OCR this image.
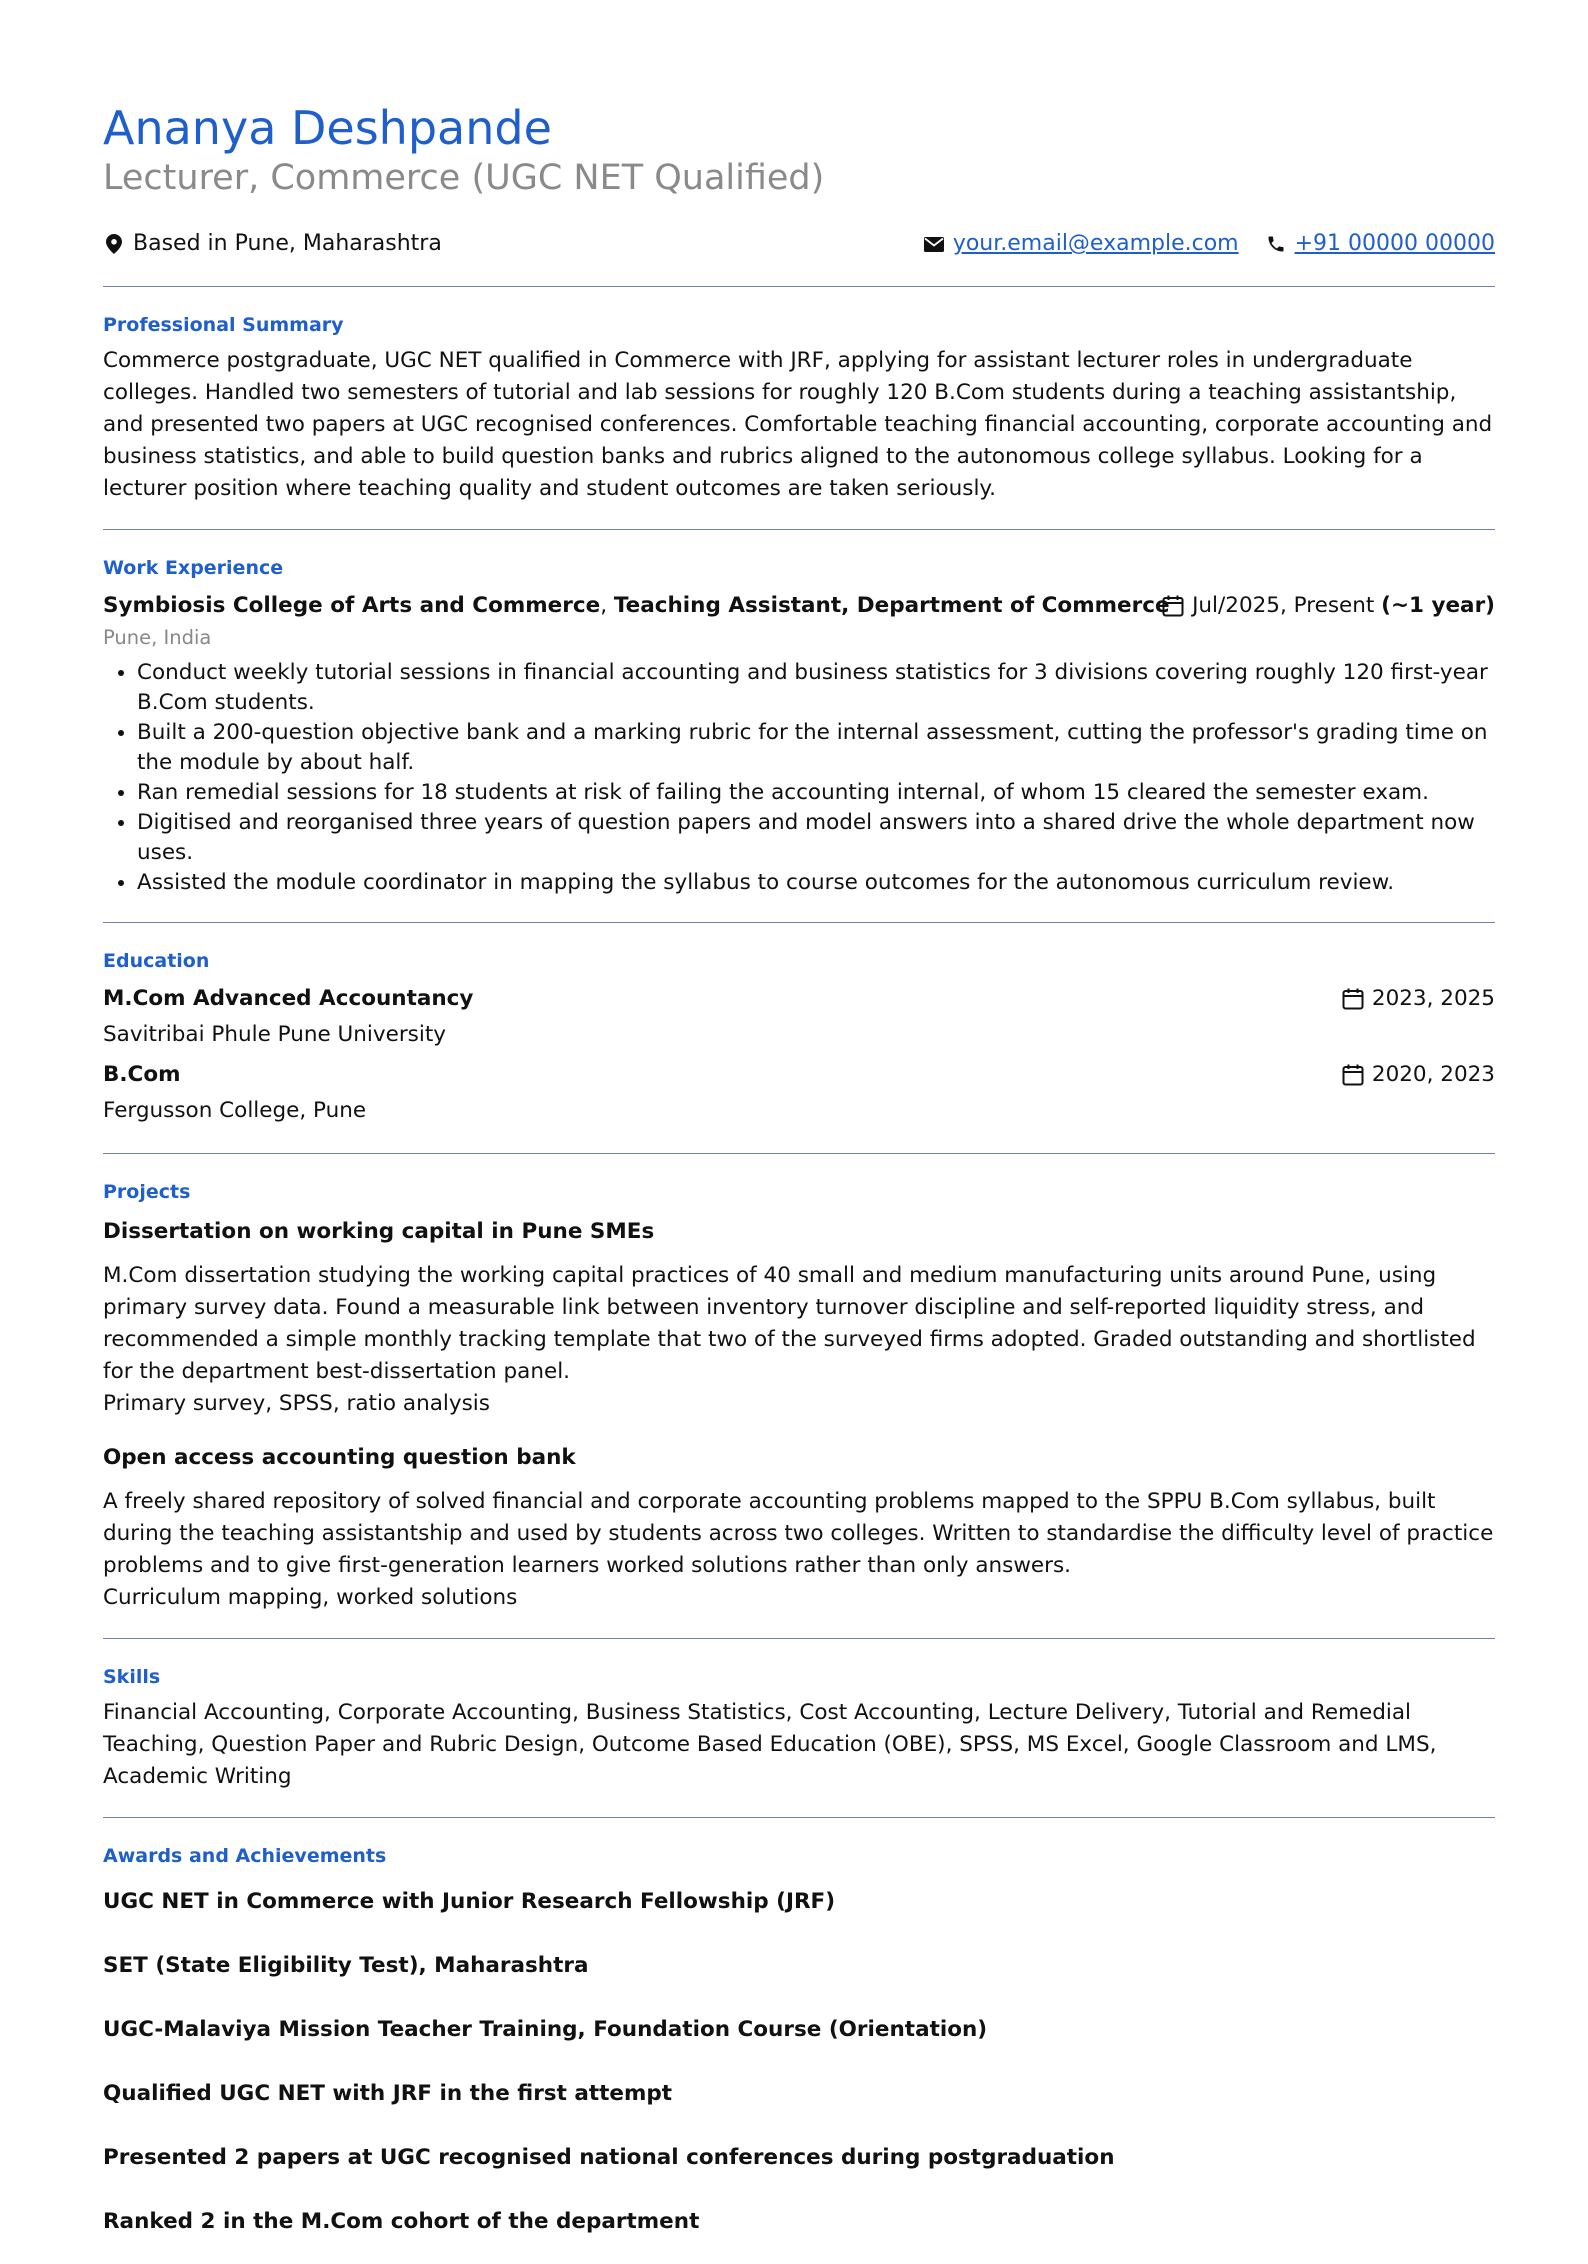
Ananya Deshpande
Lecturer, Commerce (UGC NET Qualified)
Based in Pune, Maharashtra	your.email@example.com	+91 00000 00000
Professional Summary

Commerce postgraduate, UGC NET qualified in Commerce with JRF, applying for assistant lecturer roles in undergraduate colleges. Handled two semesters of tutorial and lab sessions for roughly 120 B.Com students during a teaching assistantship, and presented two papers at UGC recognised conferences. Comfortable teaching financial accounting, corporate accounting and business statistics, and able to build question banks and rubrics aligned to the autonomous college syllabus. Looking for a lecturer position where teaching quality and student outcomes are taken seriously.

Work Experience
Symbiosis College of Arts and Commerce, Teaching Assistant, Department of Commerce	Jul/2025, Present
(~1 year)
Pune, India
• Conduct weekly tutorial sessions in financial accounting and business statistics for 3 divisions covering roughly 120 first-year B.Com students.
• Built a 200-question objective bank and a marking rubric for the internal assessment, cutting the professor's grading time on the module by about half.
• Ran remedial sessions for 18 students at risk of failing the accounting internal, of whom 15 cleared the semester exam.
• Digitised and reorganised three years of question papers and model answers into a shared drive the whole department now uses.
• Assisted the module coordinator in mapping the syllabus to course outcomes for the autonomous curriculum review.
Education
M.Com Advanced Accountancy	2023, 2025
Savitribai Phule Pune University
B.Com	2020, 2023
Fergusson College, Pune
Projects
Dissertation on working capital in Pune SMEs

M.Com dissertation studying the working capital practices of 40 small and medium manufacturing units around Pune, using primary survey data. Found a measurable link between inventory turnover discipline and self-reported liquidity stress, and recommended a simple monthly tracking template that two of the surveyed firms adopted. Graded outstanding and shortlisted for the department best-dissertation panel.

Primary survey, SPSS, ratio analysis

Open access accounting question bank

A freely shared repository of solved financial and corporate accounting problems mapped to the SPPU B.Com syllabus, built during the teaching assistantship and used by students across two colleges. Written to standardise the difficulty level of practice problems and to give first-generation learners worked solutions rather than only answers.

Curriculum mapping, worked solutions

Skills

Financial Accounting, Corporate Accounting, Business Statistics, Cost Accounting, Lecture Delivery, Tutorial and Remedial Teaching, Question Paper and Rubric Design, Outcome Based Education (OBE), SPSS, MS Excel, Google Classroom and LMS, Academic Writing

Awards and Achievements
UGC NET in Commerce with Junior Research Fellowship (JRF)
SET (State Eligibility Test), Maharashtra
UGC-Malaviya Mission Teacher Training, Foundation Course (Orientation)
Qualified UGC NET with JRF in the first attempt
Presented 2 papers at UGC recognised national conferences during postgraduation
Ranked 2 in the M.Com cohort of the department
